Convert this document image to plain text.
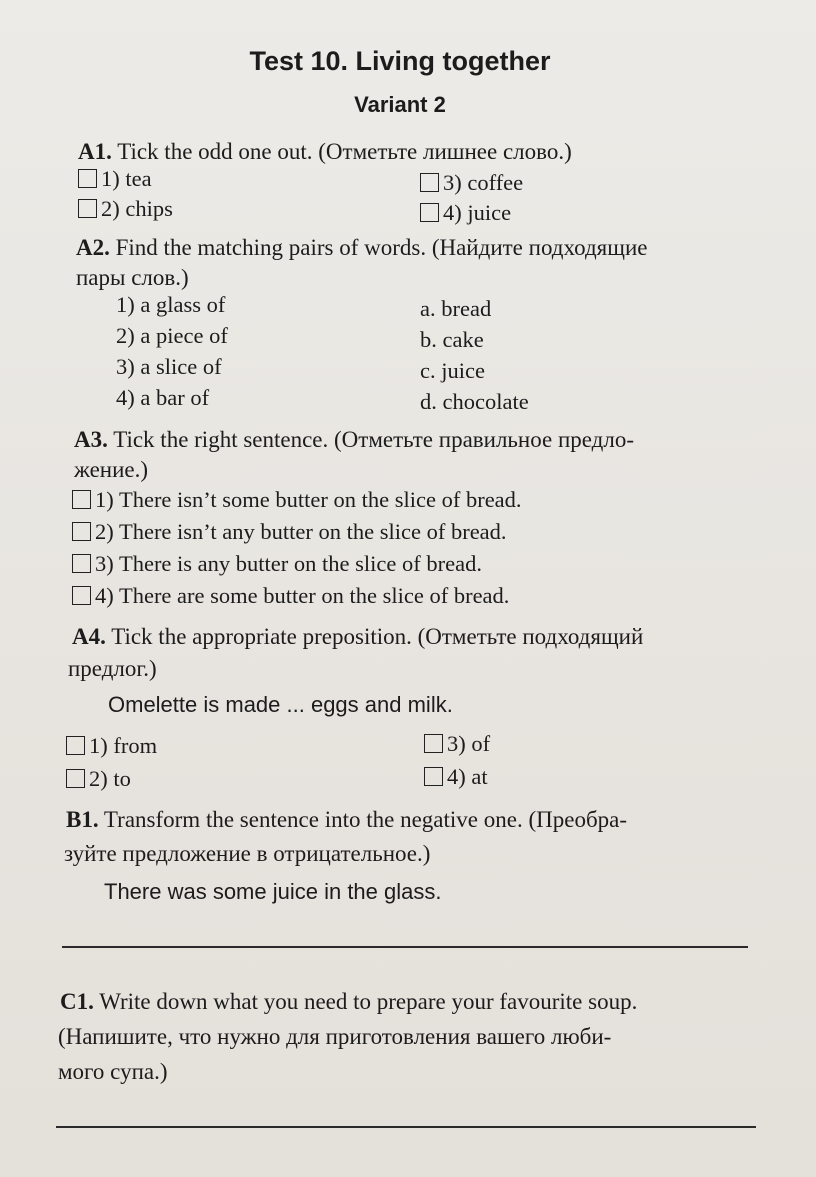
Test 10. Living together
Variant 2
A1. Tick the odd one out. (Отметьте лишнее слово.)
1) tea
2) chips
3) coffee
4) juice
A2. Find the matching pairs of words. (Найдите подходящие
пары слов.)
1) a glass of
2) a piece of
3) a slice of
4) a bar of
a. bread
b. cake
c. juice
d. chocolate
A3. Tick the right sentence. (Отметьте правильное предло-
жение.)
1) There isn’t some butter on the slice of bread.
2) There isn’t any butter on the slice of bread.
3) There is any butter on the slice of bread.
4) There are some butter on the slice of bread.
A4. Tick the appropriate preposition. (Отметьте подходящий
предлог.)
Omelette is made ... eggs and milk.
1) from
2) to
3) of
4) at
B1. Transform the sentence into the negative one. (Преобра-
зуйте предложение в отрицательное.)
There was some juice in the glass.
C1. Write down what you need to prepare your favourite soup.
(Напишите, что нужно для приготовления вашего люби-
мого супа.)
